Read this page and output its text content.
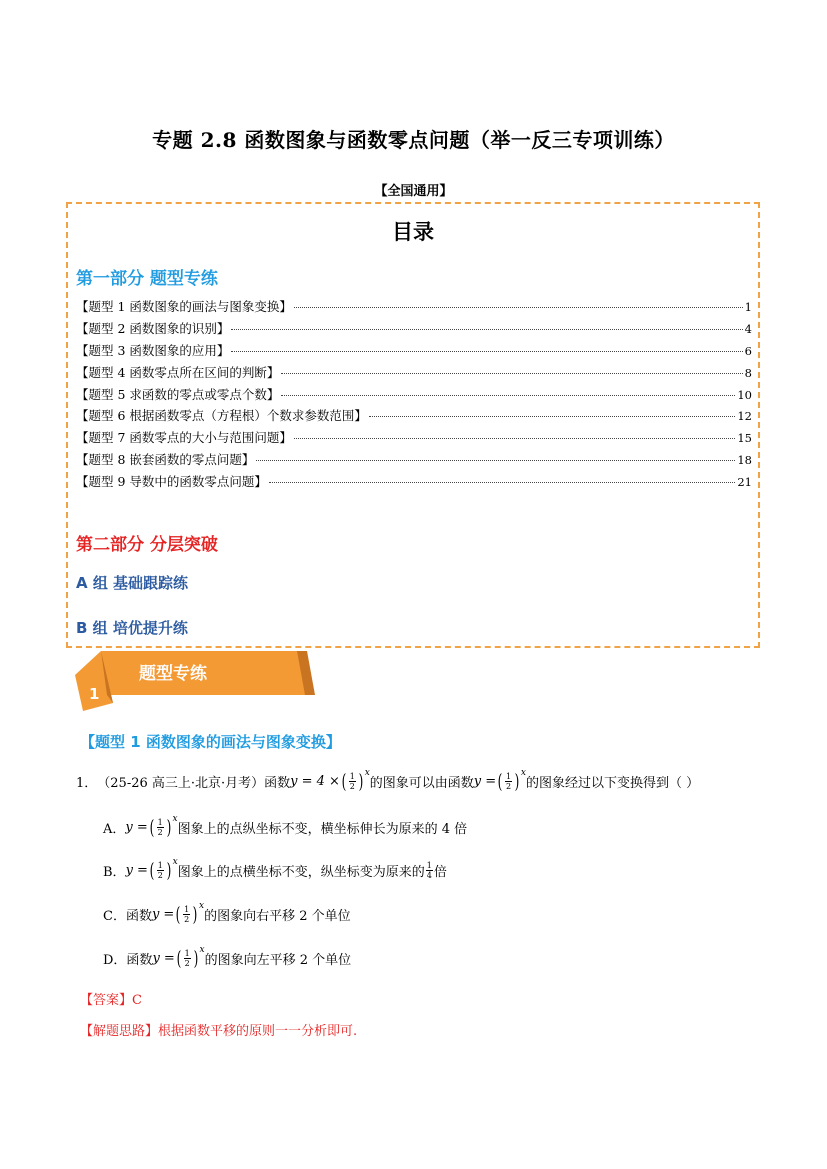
专题 2.8 函数图象与函数零点问题（举一反三专项训练）
【全国通用】
目录
第一部分 题型专练
【题型 1 函数图象的画法与图象变换】	1
【题型 2 函数图象的识别】	4
【题型 3 函数图象的应用】	6
【题型 4 函数零点所在区间的判断】	8
【题型 5 求函数的零点或零点个数】	10
【题型 6 根据函数零点（方程根）个数求参数范围】	12
【题型 7 函数零点的大小与范围问题】	15
【题型 8 嵌套函数的零点问题】	18
【题型 9 导数中的函数零点问题】	21
第二部分 分层突破
A 组 基础跟踪练
B 组 培优提升练
题型专练
1
【题型 1 函数图象的画法与图象变换】
1． （25-26 高三上·北京·月考）函数 y = 4 × ( $\frac{1}{2}$ ) x
的图象可以由函数 y = ( $\frac{1}{2}$ ) x
的图象经过以下变换得到（ ）
A． y = ( $\frac{1}{2}$ ) x
图象上的点纵坐标不变，横坐标伸长为原来的 4 倍
B． y = ( $\frac{1}{2}$ ) x
图象上的点横坐标不变，纵坐标变为原来的 $\frac{1}{4}$ 倍
C．函数 y = ( $\frac{1}{2}$ ) x
的图象向右平移 2 个单位
D．函数 y = ( $\frac{1}{2}$ ) x
的图象向左平移 2 个单位
【答案】C
【解题思路】根据函数平移的原则一一分析即可.
